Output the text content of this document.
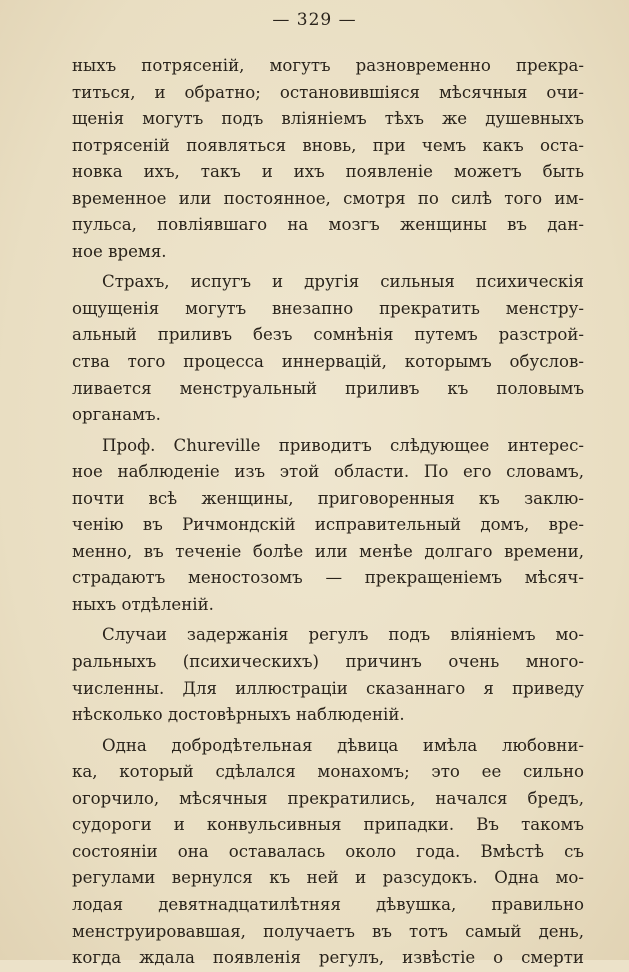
— 329 —
ныхъ потрясеній, могутъ разновременно прекра-
титься, и обратно; остановившіяся мѣсячныя очи-
щенія могутъ подъ вліяніемъ тѣхъ же душевныхъ
потрясеній появляться вновь, при чемъ какъ оста-
новка ихъ, такъ и ихъ появленіе можетъ быть
временное или постоянное, смотря по силѣ того им-
пульса, повліявшаго на мозгъ женщины въ дан-
ное время.
Страхъ, испугъ и другія сильныя психическія
ощущенія могутъ внезапно прекратить менстру-
альный приливъ безъ сомнѣнія путемъ разстрой-
ства того процесса иннервацій, которымъ обуслов-
ливается менструальный приливъ къ половымъ
органамъ.
Проф. Chureville приводитъ слѣдующее интерес-
ное наблюденіе изъ этой области. По его словамъ,
почти всѣ женщины, приговоренныя къ заклю-
ченію въ Ричмондскій исправительный домъ, вре-
менно, въ теченіе болѣе или менѣе долгаго времени,
страдаютъ меностозомъ — прекращеніемъ мѣсяч-
ныхъ отдѣленій.
Случаи задержанія регулъ подъ вліяніемъ мо-
ральныхъ (психическихъ) причинъ очень много-
численны. Для иллюстраціи сказаннаго я приведу
нѣсколько достовѣрныхъ наблюденій.
Одна добродѣтельная дѣвица имѣла любовни-
ка, который сдѣлался монахомъ; это ее сильно
огорчило, мѣсячныя прекратились, начался бредъ,
судороги и конвульсивныя припадки. Въ такомъ
состояніи она оставалась около года. Вмѣстѣ съ
регулами вернулся къ ней и разсудокъ. Одна мо-
лодая девятнадцатилѣтняя дѣвушка, правильно
менструировавшая, получаетъ въ тотъ самый день,
когда ждала появленія регулъ, извѣстіе о смерти
